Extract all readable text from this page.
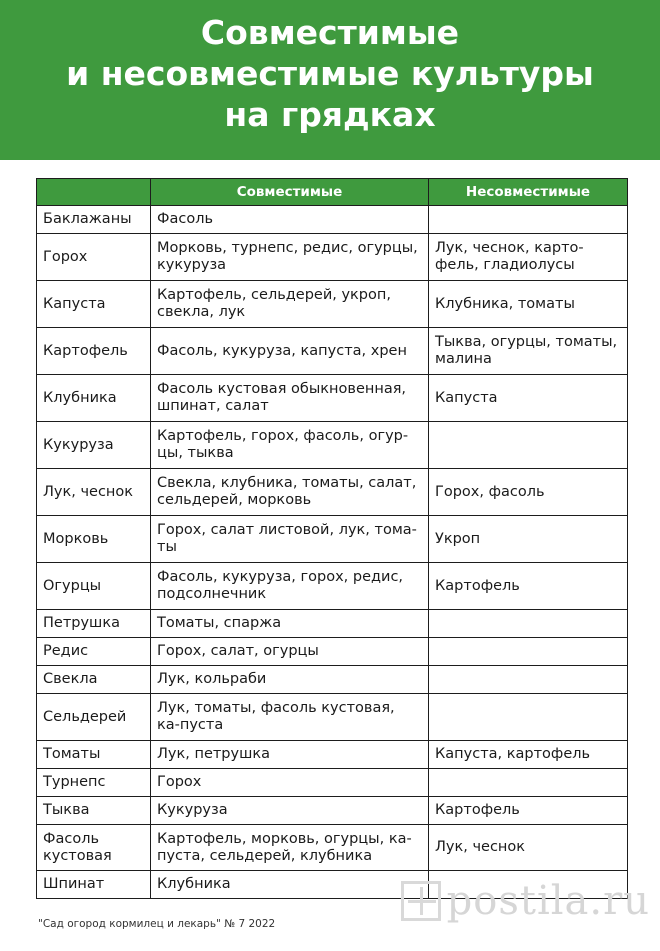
Совместимые
и несовместимые культуры
на грядках
	Совместимые	Несовместимые
Баклажаны	Фасоль	
Горох	Морковь, турнепс, редис, огурцы, кукуруза	Лук, чеснок, карто-фель, гладиолусы
Капуста	Картофель, сельдерей, укроп, свекла, лук	Клубника, томаты
Картофель	Фасоль, кукуруза, капуста, хрен	Тыква, огурцы, томаты, малина
Клубника	Фасоль кустовая обыкновенная, шпинат, салат	Капуста
Кукуруза	Картофель, горох, фасоль, огур-цы, тыква	
Лук, чеснок	Свекла, клубника, томаты, салат, сельдерей, морковь	Горох, фасоль
Морковь	Горох, салат листовой, лук, тома-ты	Укроп
Огурцы	Фасоль, кукуруза, горох, редис, подсолнечник	Картофель
Петрушка	Томаты, спаржа	
Редис	Горох, салат, огурцы	
Свекла	Лук, кольраби	
Сельдерей	Лук, томаты, фасоль кустовая, ка-пуста	
Томаты	Лук, петрушка	Капуста, картофель
Турнепс	Горох	
Тыква	Кукуруза	Картофель
Фасоль кустовая	Картофель, морковь, огурцы, ка-пуста, сельдерей, клубника	Лук, чеснок
Шпинат	Клубника	
"Сад огород кормилец и лекарь" № 7 2022	postila.ru
